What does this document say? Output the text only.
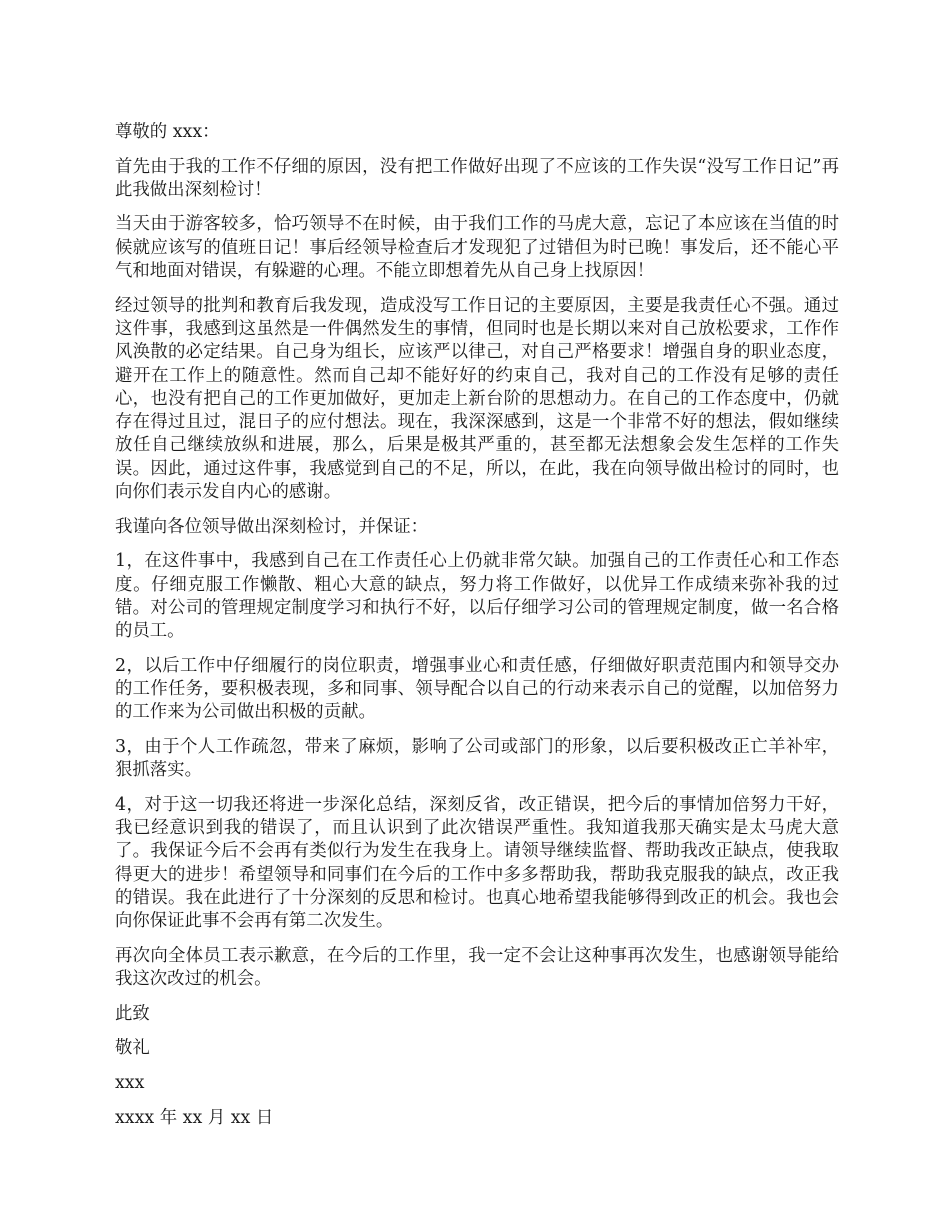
尊敬的 xxx：

首先由于我的工作不仔细的原因，没有把工作做好出现了不应该的工作失误“没写工作日记”再此我做出深刻检讨！

当天由于游客较多，恰巧领导不在时候，由于我们工作的马虎大意，忘记了本应该在当值的时候就应该写的值班日记！事后经领导检查后才发现犯了过错但为时已晚！事发后，还不能心平气和地面对错误，有躲避的心理。不能立即想着先从自己身上找原因！

经过领导的批判和教育后我发现，造成没写工作日记的主要原因，主要是我责任心不强。通过这件事，我感到这虽然是一件偶然发生的事情，但同时也是长期以来对自己放松要求，工作作风涣散的必定结果。自己身为组长，应该严以律己，对自己严格要求！增强自身的职业态度，避开在工作上的随意性。然而自己却不能好好的约束自己，我对自己的工作没有足够的责任心，也没有把自己的工作更加做好，更加走上新台阶的思想动力。在自己的工作态度中，仍就存在得过且过，混日子的应付想法。现在，我深深感到，这是一个非常不好的想法，假如继续放任自己继续放纵和进展，那么，后果是极其严重的，甚至都无法想象会发生怎样的工作失误。因此，通过这件事，我感觉到自己的不足，所以，在此，我在向领导做出检讨的同时，也向你们表示发自内心的感谢。

我谨向各位领导做出深刻检讨，并保证：

1，在这件事中，我感到自己在工作责任心上仍就非常欠缺。加强自己的工作责任心和工作态度。仔细克服工作懒散、粗心大意的缺点，努力将工作做好，以优异工作成绩来弥补我的过错。对公司的管理规定制度学习和执行不好，以后仔细学习公司的管理规定制度，做一名合格的员工。

2，以后工作中仔细履行的岗位职责，增强事业心和责任感，仔细做好职责范围内和领导交办的工作任务，要积极表现，多和同事、领导配合以自己的行动来表示自己的觉醒，以加倍努力的工作来为公司做出积极的贡献。

3，由于个人工作疏忽，带来了麻烦，影响了公司或部门的形象，以后要积极改正亡羊补牢，狠抓落实。

4，对于这一切我还将进一步深化总结，深刻反省，改正错误，把今后的事情加倍努力干好，我已经意识到我的错误了，而且认识到了此次错误严重性。我知道我那天确实是太马虎大意了。我保证今后不会再有类似行为发生在我身上。请领导继续监督、帮助我改正缺点，使我取得更大的进步！希望领导和同事们在今后的工作中多多帮助我，帮助我克服我的缺点，改正我的错误。我在此进行了十分深刻的反思和检讨。也真心地希望我能够得到改正的机会。我也会向你保证此事不会再有第二次发生。

再次向全体员工表示歉意，在今后的工作里，我一定不会让这种事再次发生，也感谢领导能给我这次改过的机会。

此致

敬礼

xxx

xxxx 年 xx 月 xx 日
